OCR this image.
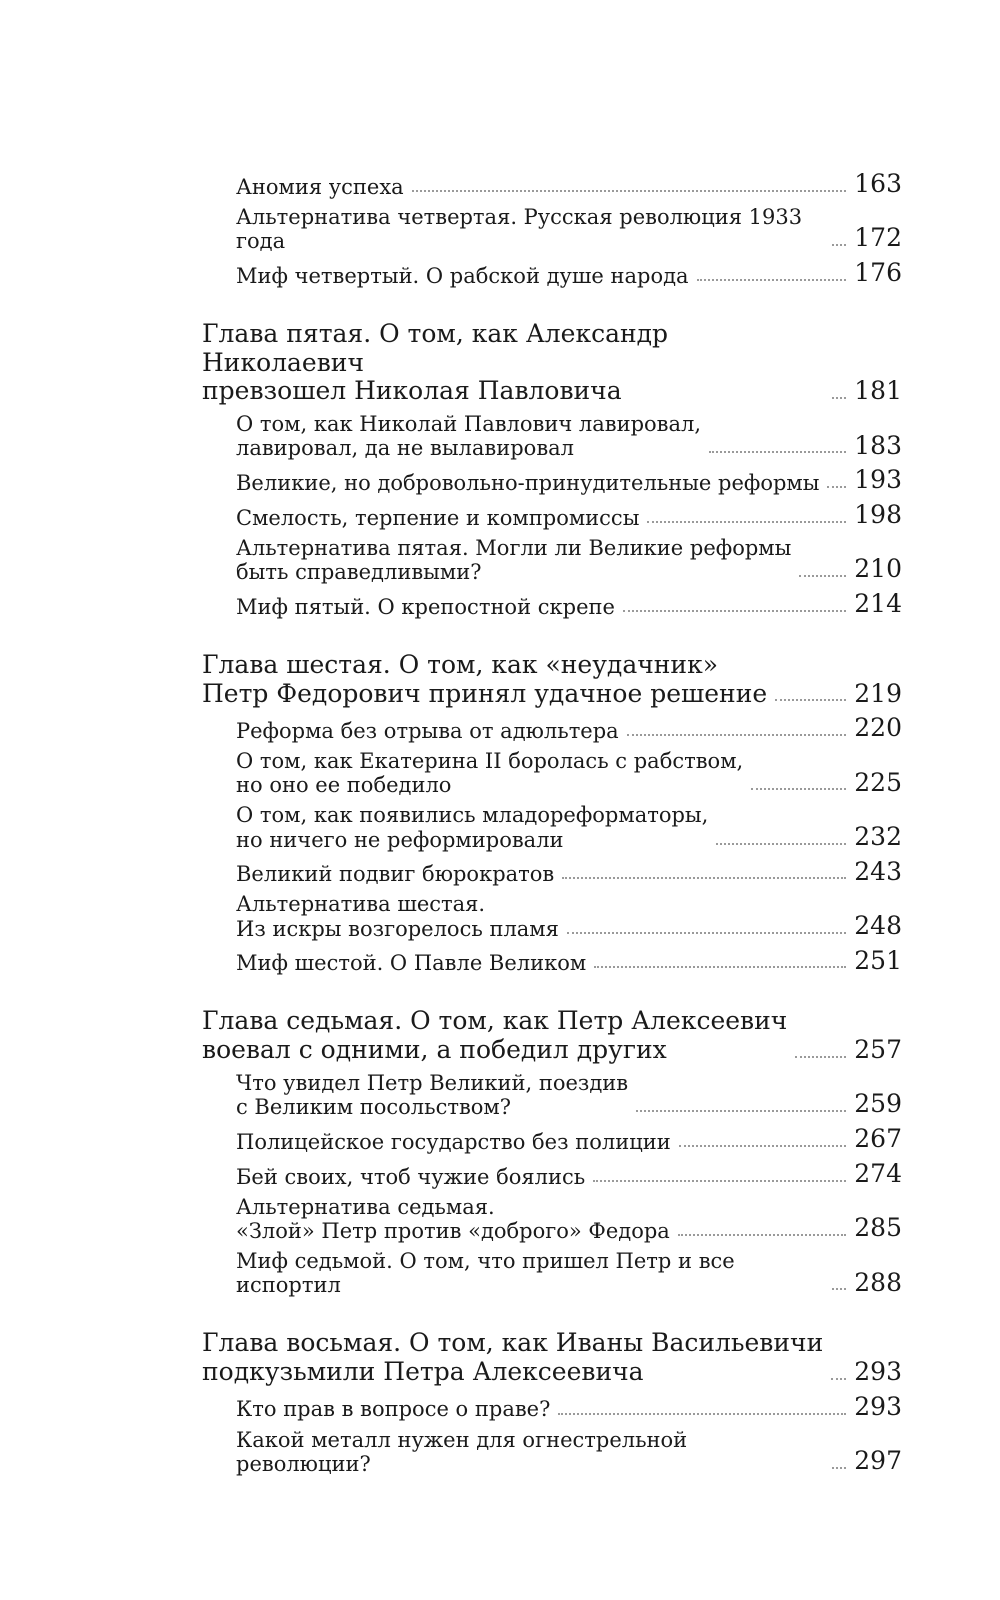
Аномия успеха	163
Альтернатива четвертая. Русская революция 1933 года	172
Миф четвертый. О рабской душе народа	176
Глава пятая. О том, как Александр Николаевич
превзошел Николая Павловича	181
О том, как Николай Павлович лавировал,
лавировал, да не вылавировал	183
Великие, но добровольно-принудительные реформы 193
Смелость, терпение и компромиссы	198
Альтернатива пятая. Могли ли Великие реформы
быть справедливыми?	210
Миф пятый. О крепостной скрепе	214
Глава шестая. О том, как «неудачник»
Петр Федорович принял удачное решение	219
Реформа без отрыва от адюльтера	220
О том, как Екатерина II боролась с рабством,
но оно ее победило	225
О том, как появились младореформаторы,
но ничего не реформировали	232
Великий подвиг бюрократов	243
Альтернатива шестая.
Из искры возгорелось пламя	248
Миф шестой. О Павле Великом	251
Глава седьмая. О том, как Петр Алексеевич
воевал с одними, а победил других	257
Что увидел Петр Великий, поездив
с Великим посольством?	259
Полицейское государство без полиции	267
Бей своих, чтоб чужие боялись	274
Альтернатива седьмая.
«Злой» Петр против «доброго» Федора	285
Миф седьмой. О том, что пришел Петр и все испортил	288
Глава восьмая. О том, как Иваны Васильевичи
подкузьмили Петра Алексеевича	293
Кто прав в вопросе о праве?	293
Какой металл нужен для огнестрельной революции?	297
